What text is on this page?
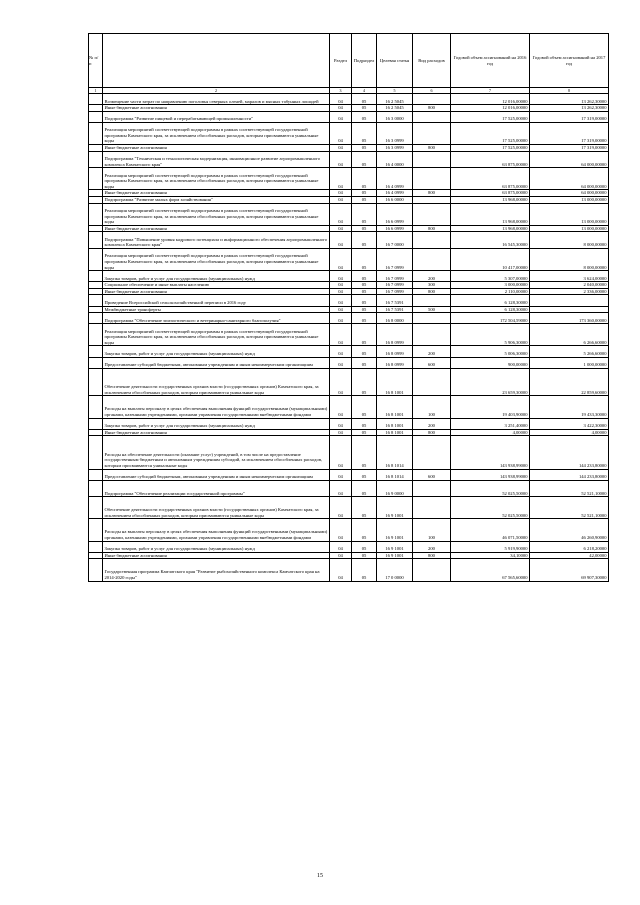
№ п/п		Раздел	Подраздел	Целевая статья	Вид расходов	Годовой объем ассигнований на 2016 год	Годовой объем ассигнований на 2017 год
1	2	3	4	5	6	7	8
	Возмещение части затрат по направлению поголовья северных оленей, маралов и мясных табунных лошадей	04	05	16 2 5045		12 016,00000	13 262,30000
	Иные бюджетные ассигнования	04	05	16 2 5045	800	12 016,00000	13 262,30000
	Подпрограмма "Развитие пищевой и перерабатывающей промышленности"	04	05	16 3 0000		17 525,00000	17 319,00000
	Реализация мероприятий соответствующей подпрограммы в рамках соответствующей государственной программы Камчатского края, за исключением обособленных расходов, которым присваиваются уникальные коды	04	05	16 3 0999		17 525,00000	17 319,00000
	Иные бюджетные ассигнования	04	05	16 3 0999	800	17 525,00000	17 319,00000
	Подпрограмма "Техническая и технологическая модернизация, инновационное развитие агропромышленного комплекса Камчатского края"	04	05	16 4 0000		63 875,00000	64 000,00000
	Реализация мероприятий соответствующей подпрограммы в рамках соответствующей государственной программы Камчатского края, за исключением обособленных расходов, которым присваиваются уникальные коды	04	05	16 4 0999		63 875,00000	64 000,00000
	Иные бюджетные ассигнования	04	05	16 4 0999	800	63 875,00000	64 000,00000
	Подпрограмма "Развитие малых форм хозяйствования"	04	05	16 6 0000		13 968,00000	13 000,00000
	Реализация мероприятий соответствующей подпрограммы в рамках соответствующей государственной программы Камчатского края, за исключением обособленных расходов, которым присваиваются уникальные коды	04	05	16 6 0999		13 968,00000	13 000,00000
	Иные бюджетные ассигнования	04	05	16 6 0999	800	13 968,00000	13 000,00000
	Подпрограмма "Повышение уровня кадрового потенциала и информационного обеспечения агропромышленного комплекса Камчатского края"	04	05	16 7 0000		16 545,30000	8 000,00000
	Реализация мероприятий соответствующей подпрограммы в рамках соответствующей государственной программы Камчатского края, за исключением обособленных расходов, которым присваиваются уникальные коды	04	05	16 7 0999		10 417,00000	8 000,00000
	Закупка товаров, работ и услуг для государственных (муниципальных) нужд	04	05	16 7 0999	200	5 307,00000	3 624,00000
	Социальное обеспечение и иные выплаты населению	04	05	16 7 0999	300	3 000,00000	2 040,00000
	Иные бюджетные ассигнования	04	05	16 7 0999	800	2 110,00000	2 336,00000
	Проведение Всероссийской сельскохозяйственной переписи в 2016 году	04	05	16 7 5391		6 128,30000	
	Межбюджетные трансферты	04	05	16 7 5391	500	6 128,30000	
	Подпрограмма "Обеспечение эпизоотического и ветеринарно-санитарного благополучия"	04	05	16 8 0000		172 504,59000	173 360,00000
	Реализация мероприятий соответствующей подпрограммы в рамках соответствующей государственной программы Камчатского края, за исключением обособленных расходов, которым присваиваются уникальные коды	04	05	16 8 0999		5 906,30000	6 266,60000
	Закупка товаров, работ и услуг для государственных (муниципальных) нужд	04	05	16 8 0999	200	5 006,30000	5 266,60000
	Предоставление субсидий бюджетным, автономным учреждениям и иным некоммерческим организациям	04	05	16 8 0999	600	900,00000	1 000,00000
	Обеспечение деятельности государственных органов власти (государственных органов) Камчатского края, за исключением обособленных расходов, которым присваиваются уникальные коды	04	05	16 8 1001		23 659,30000	22 859,60000
	Расходы на выплаты персоналу в целях обеспечения выполнения функций государственными (муниципальными) органами, казенными учреждениями, органами управления государственными внебюджетными фондами	04	05	16 8 1001	100	19 403,90000	19 433,30000
	Закупка товаров, работ и услуг для государственных (муниципальных) нужд	04	05	16 8 1001	200	3 251,40000	3 422,30000
	Иные бюджетные ассигнования	04	05	16 8 1001	800	4,00000	4,00000
	Расходы на обеспечение деятельности (оказание услуг) учреждений, в том числе на предоставление государственным бюджетным и автономным учреждениям субсидий, за исключением обособленных расходов, которым присваиваются уникальные коды	04	05	16 8 1014		143 938,99000	144 233,80000
	Предоставление субсидий бюджетным, автономным учреждениям и иным некоммерческим организациям	04	05	16 8 1014	600	143 938,99000	144 233,80000
	Подпрограмма "Обеспечение реализации государственной программы"	04	05	16 9 0000		52 025,50000	52 521,10000
	Обеспечение деятельности государственных органов власти (государственных органов) Камчатского края, за исключением обособленных расходов, которым присваиваются уникальные коды	04	05	16 9 1001		52 025,50000	52 521,10000
	Расходы на выплаты персоналу в целях обеспечения выполнения функций государственными (муниципальными) органами, казенными учреждениями, органами управления государственными внебюджетными фондами	04	05	16 9 1001	100	46 071,50000	46 260,90000
	Закупка товаров, работ и услуг для государственных (муниципальных) нужд	04	05	16 9 1001	200	5 919,90000	6 218,20000
	Иные бюджетные ассигнования	04	05	16 9 1001	800	34,10000	42,00000
	Государственная программа Камчатского края "Развитие рыбохозяйственного комплекса Камчатского края на 2014-2020 годы"	04	05	17 0 0000		67 565,60000	69 907,30000
15
